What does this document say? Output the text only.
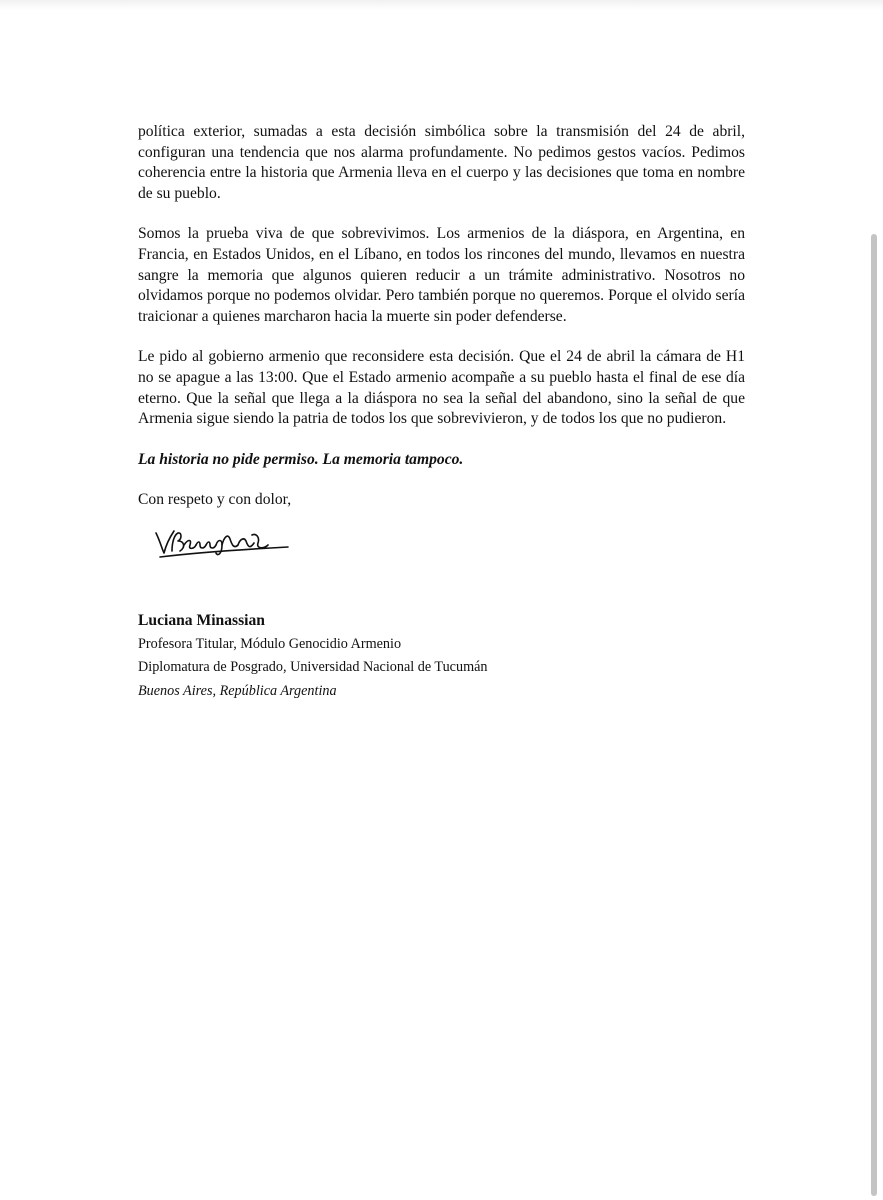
política exterior, sumadas a esta decisión simbólica sobre la transmisión del 24 de abril, configuran una tendencia que nos alarma profundamente. No pedimos gestos vacíos. Pedimos coherencia entre la historia que Armenia lleva en el cuerpo y las decisiones que toma en nombre de su pueblo.

Somos la prueba viva de que sobrevivimos. Los armenios de la diáspora, en Argentina, en Francia, en Estados Unidos, en el Líbano, en todos los rincones del mundo, llevamos en nuestra sangre la memoria que algunos quieren reducir a un trámite administrativo. Nosotros no olvidamos porque no podemos olvidar. Pero también porque no queremos. Porque el olvido sería traicionar a quienes marcharon hacia la muerte sin poder defenderse.

Le pido al gobierno armenio que reconsidere esta decisión. Que el 24 de abril la cámara de H1 no se apague a las 13:00. Que el Estado armenio acompañe a su pueblo hasta el final de ese día eterno. Que la señal que llega a la diáspora no sea la señal del abandono, sino la señal de que Armenia sigue siendo la patria de todos los que sobrevivieron, y de todos los que no pudieron.

La historia no pide permiso. La memoria tampoco.

Con respeto y con dolor,

Luciana Minassian

Profesora Titular, Módulo Genocidio Armenio

Diplomatura de Posgrado, Universidad Nacional de Tucumán

Buenos Aires, República Argentina
